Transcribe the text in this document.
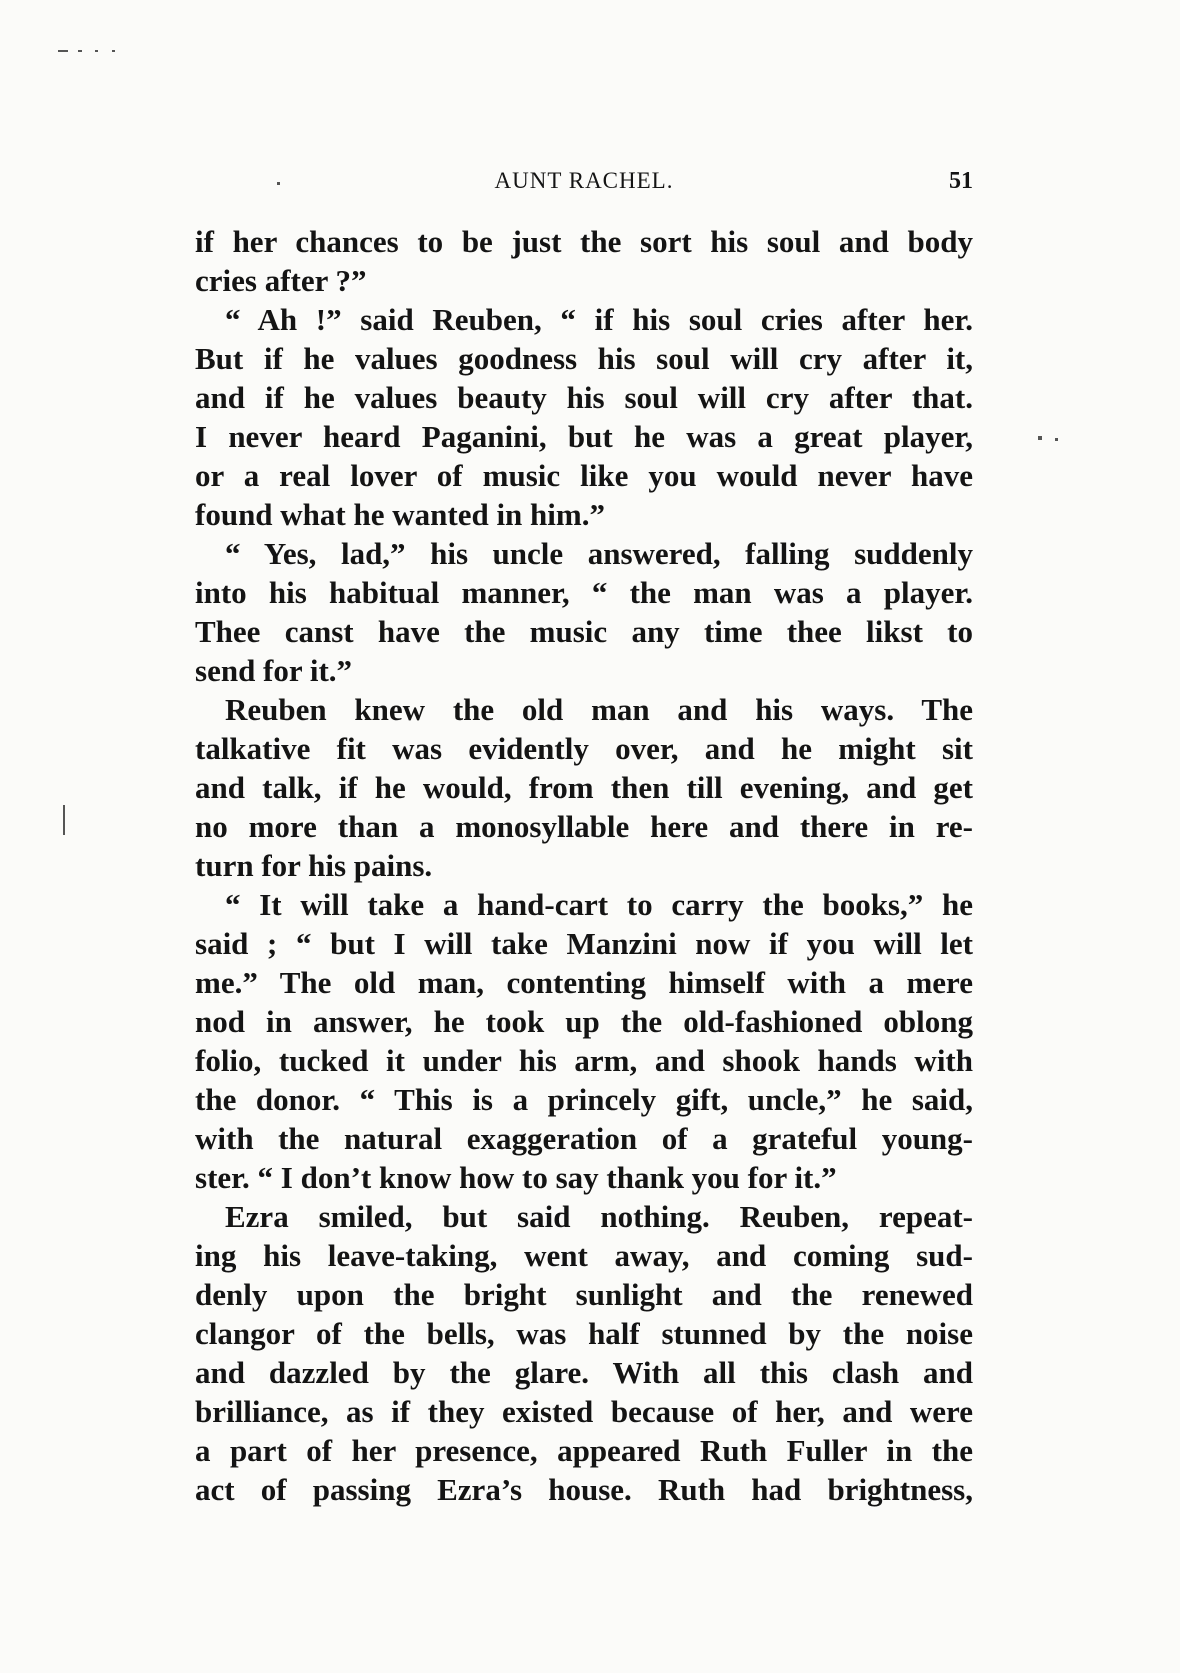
AUNT RACHEL.	51
if her chances to be just the sort his soul and body
cries after ?”
“ Ah !” said Reuben, “ if his soul cries after her.
But if he values goodness his soul will cry after it,
and if he values beauty his soul will cry after that.
I never heard Paganini, but he was a great player,
or a real lover of music like you would never have
found what he wanted in him.”
“ Yes, lad,” his uncle answered, falling suddenly
into his habitual manner, “ the man was a player.
Thee canst have the music any time thee likst to
send for it.”
Reuben knew the old man and his ways. The
talkative fit was evidently over, and he might sit
and talk, if he would, from then till evening, and get
no more than a monosyllable here and there in re-
turn for his pains.
“ It will take a hand-cart to carry the books,” he
said ; “ but I will take Manzini now if you will let
me.” The old man, contenting himself with a mere
nod in answer, he took up the old-fashioned oblong
folio, tucked it under his arm, and shook hands with
the donor. “ This is a princely gift, uncle,” he said,
with the natural exaggeration of a grateful young-
ster. “ I don’t know how to say thank you for it.”
Ezra smiled, but said nothing. Reuben, repeat-
ing his leave-taking, went away, and coming sud-
denly upon the bright sunlight and the renewed
clangor of the bells, was half stunned by the noise
and dazzled by the glare. With all this clash and
brilliance, as if they existed because of her, and were
a part of her presence, appeared Ruth Fuller in the
act of passing Ezra’s house. Ruth had brightness,
